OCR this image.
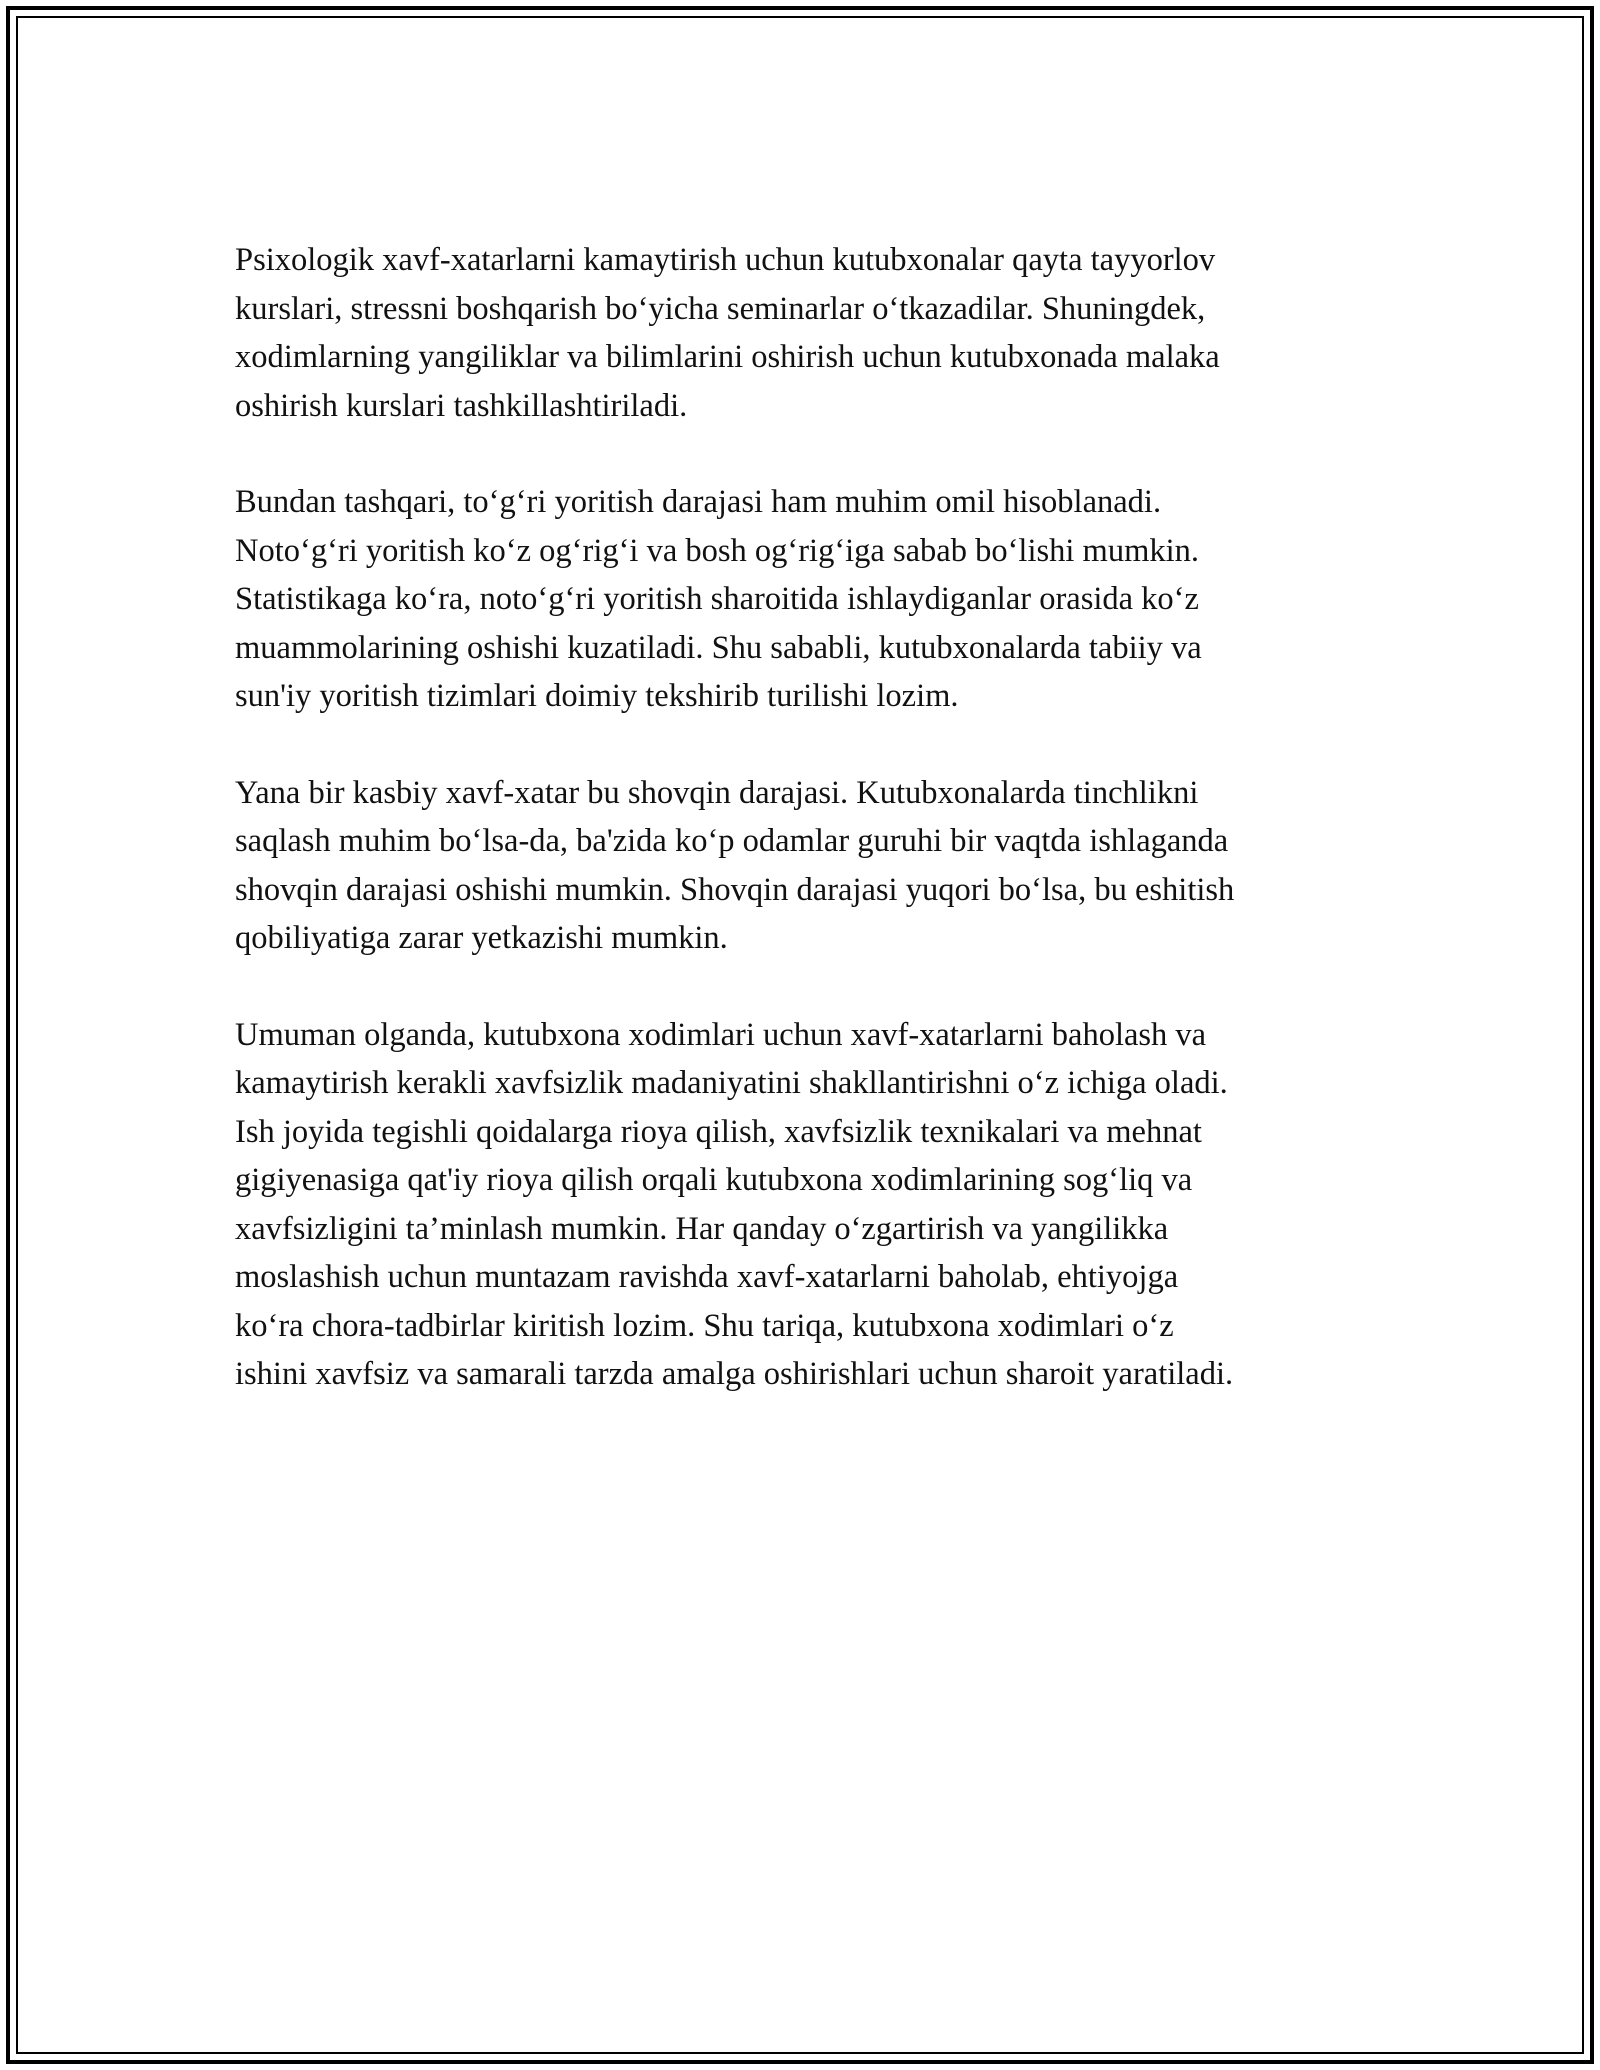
Psixologik xavf-xatarlarni kamaytirish uchun kutubxonalar qayta tayyorlov
kurslari, stressni boshqarish boʻyicha seminarlar oʻtkazadilar. Shuningdek,
xodimlarning yangiliklar va bilimlarini oshirish uchun kutubxonada malaka
oshirish kurslari tashkillashtiriladi.

Bundan tashqari, toʻgʻri yoritish darajasi ham muhim omil hisoblanadi.
Notoʻgʻri yoritish koʻz ogʻrigʻi va bosh ogʻrigʻiga sabab boʻlishi mumkin.
Statistikaga koʻra, notoʻgʻri yoritish sharoitida ishlaydiganlar orasida koʻz
muammolarining oshishi kuzatiladi. Shu sababli, kutubxonalarda tabiiy va
sun'iy yoritish tizimlari doimiy tekshirib turilishi lozim.

Yana bir kasbiy xavf-xatar bu shovqin darajasi. Kutubxonalarda tinchlikni
saqlash muhim boʻlsa-da, ba'zida koʻp odamlar guruhi bir vaqtda ishlaganda
shovqin darajasi oshishi mumkin. Shovqin darajasi yuqori boʻlsa, bu eshitish
qobiliyatiga zarar yetkazishi mumkin.

Umuman olganda, kutubxona xodimlari uchun xavf-xatarlarni baholash va
kamaytirish kerakli xavfsizlik madaniyatini shakllantirishni oʻz ichiga oladi.
Ish joyida tegishli qoidalarga rioya qilish, xavfsizlik texnikalari va mehnat
gigiyenasiga qat'iy rioya qilish orqali kutubxona xodimlarining sogʻliq va
xavfsizligini ta’minlash mumkin. Har qanday oʻzgartirish va yangilikka
moslashish uchun muntazam ravishda xavf-xatarlarni baholab, ehtiyojga
koʻra chora-tadbirlar kiritish lozim. Shu tariqa, kutubxona xodimlari oʻz
ishini xavfsiz va samarali tarzda amalga oshirishlari uchun sharoit yaratiladi.
